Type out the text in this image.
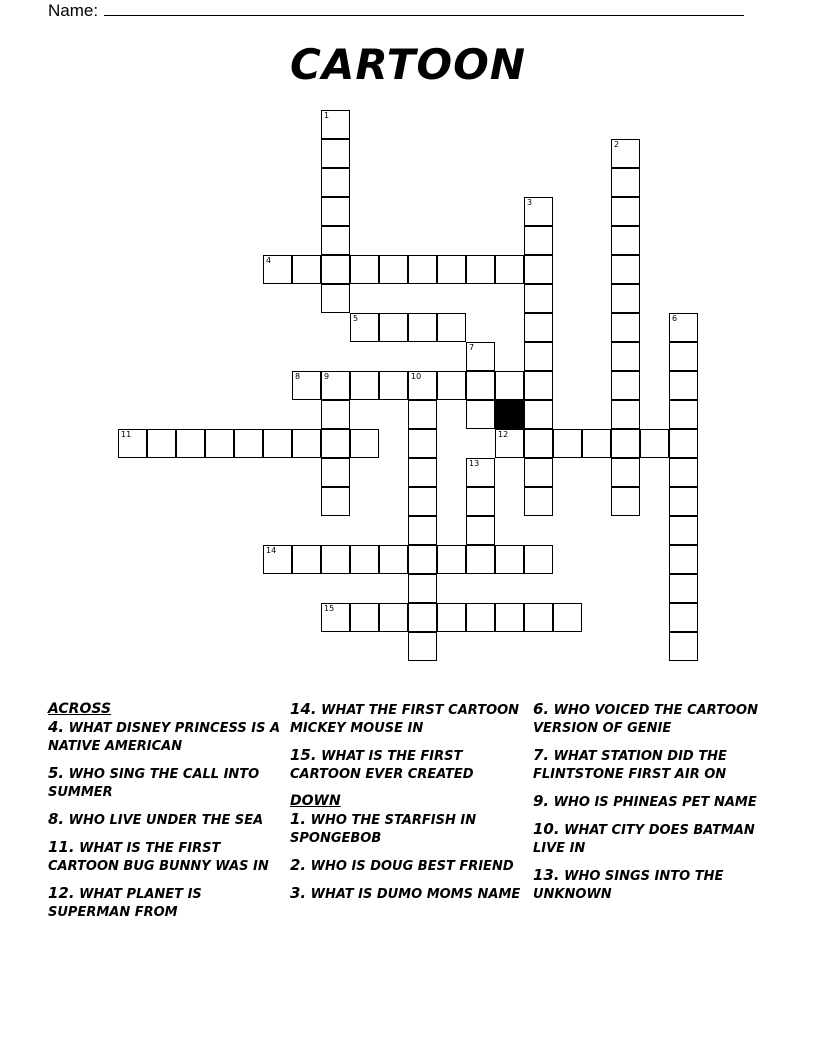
Name:
CARTOON
1
2
3
4
5	6
7
8	9	10
11	12
13
14
15
ACROSS
4. WHAT DISNEY PRINCESS IS A NATIVE AMERICAN
5. WHO SING THE CALL INTO SUMMER
8. WHO LIVE UNDER THE SEA
11. WHAT IS THE FIRST CARTOON BUG BUNNY WAS IN
12. WHAT PLANET IS SUPERMAN FROM
14. WHAT THE FIRST CARTOON MICKEY MOUSE IN
15. WHAT IS THE FIRST CARTOON EVER CREATED
DOWN
1. WHO THE STARFISH IN SPONGEBOB
2. WHO IS DOUG BEST FRIEND
3. WHAT IS DUMO MOMS NAME
6. WHO VOICED THE CARTOON VERSION OF GENIE
7. WHAT STATION DID THE FLINTSTONE FIRST AIR ON
9. WHO IS PHINEAS PET NAME
10. WHAT CITY DOES BATMAN LIVE IN
13. WHO SINGS INTO THE UNKNOWN
